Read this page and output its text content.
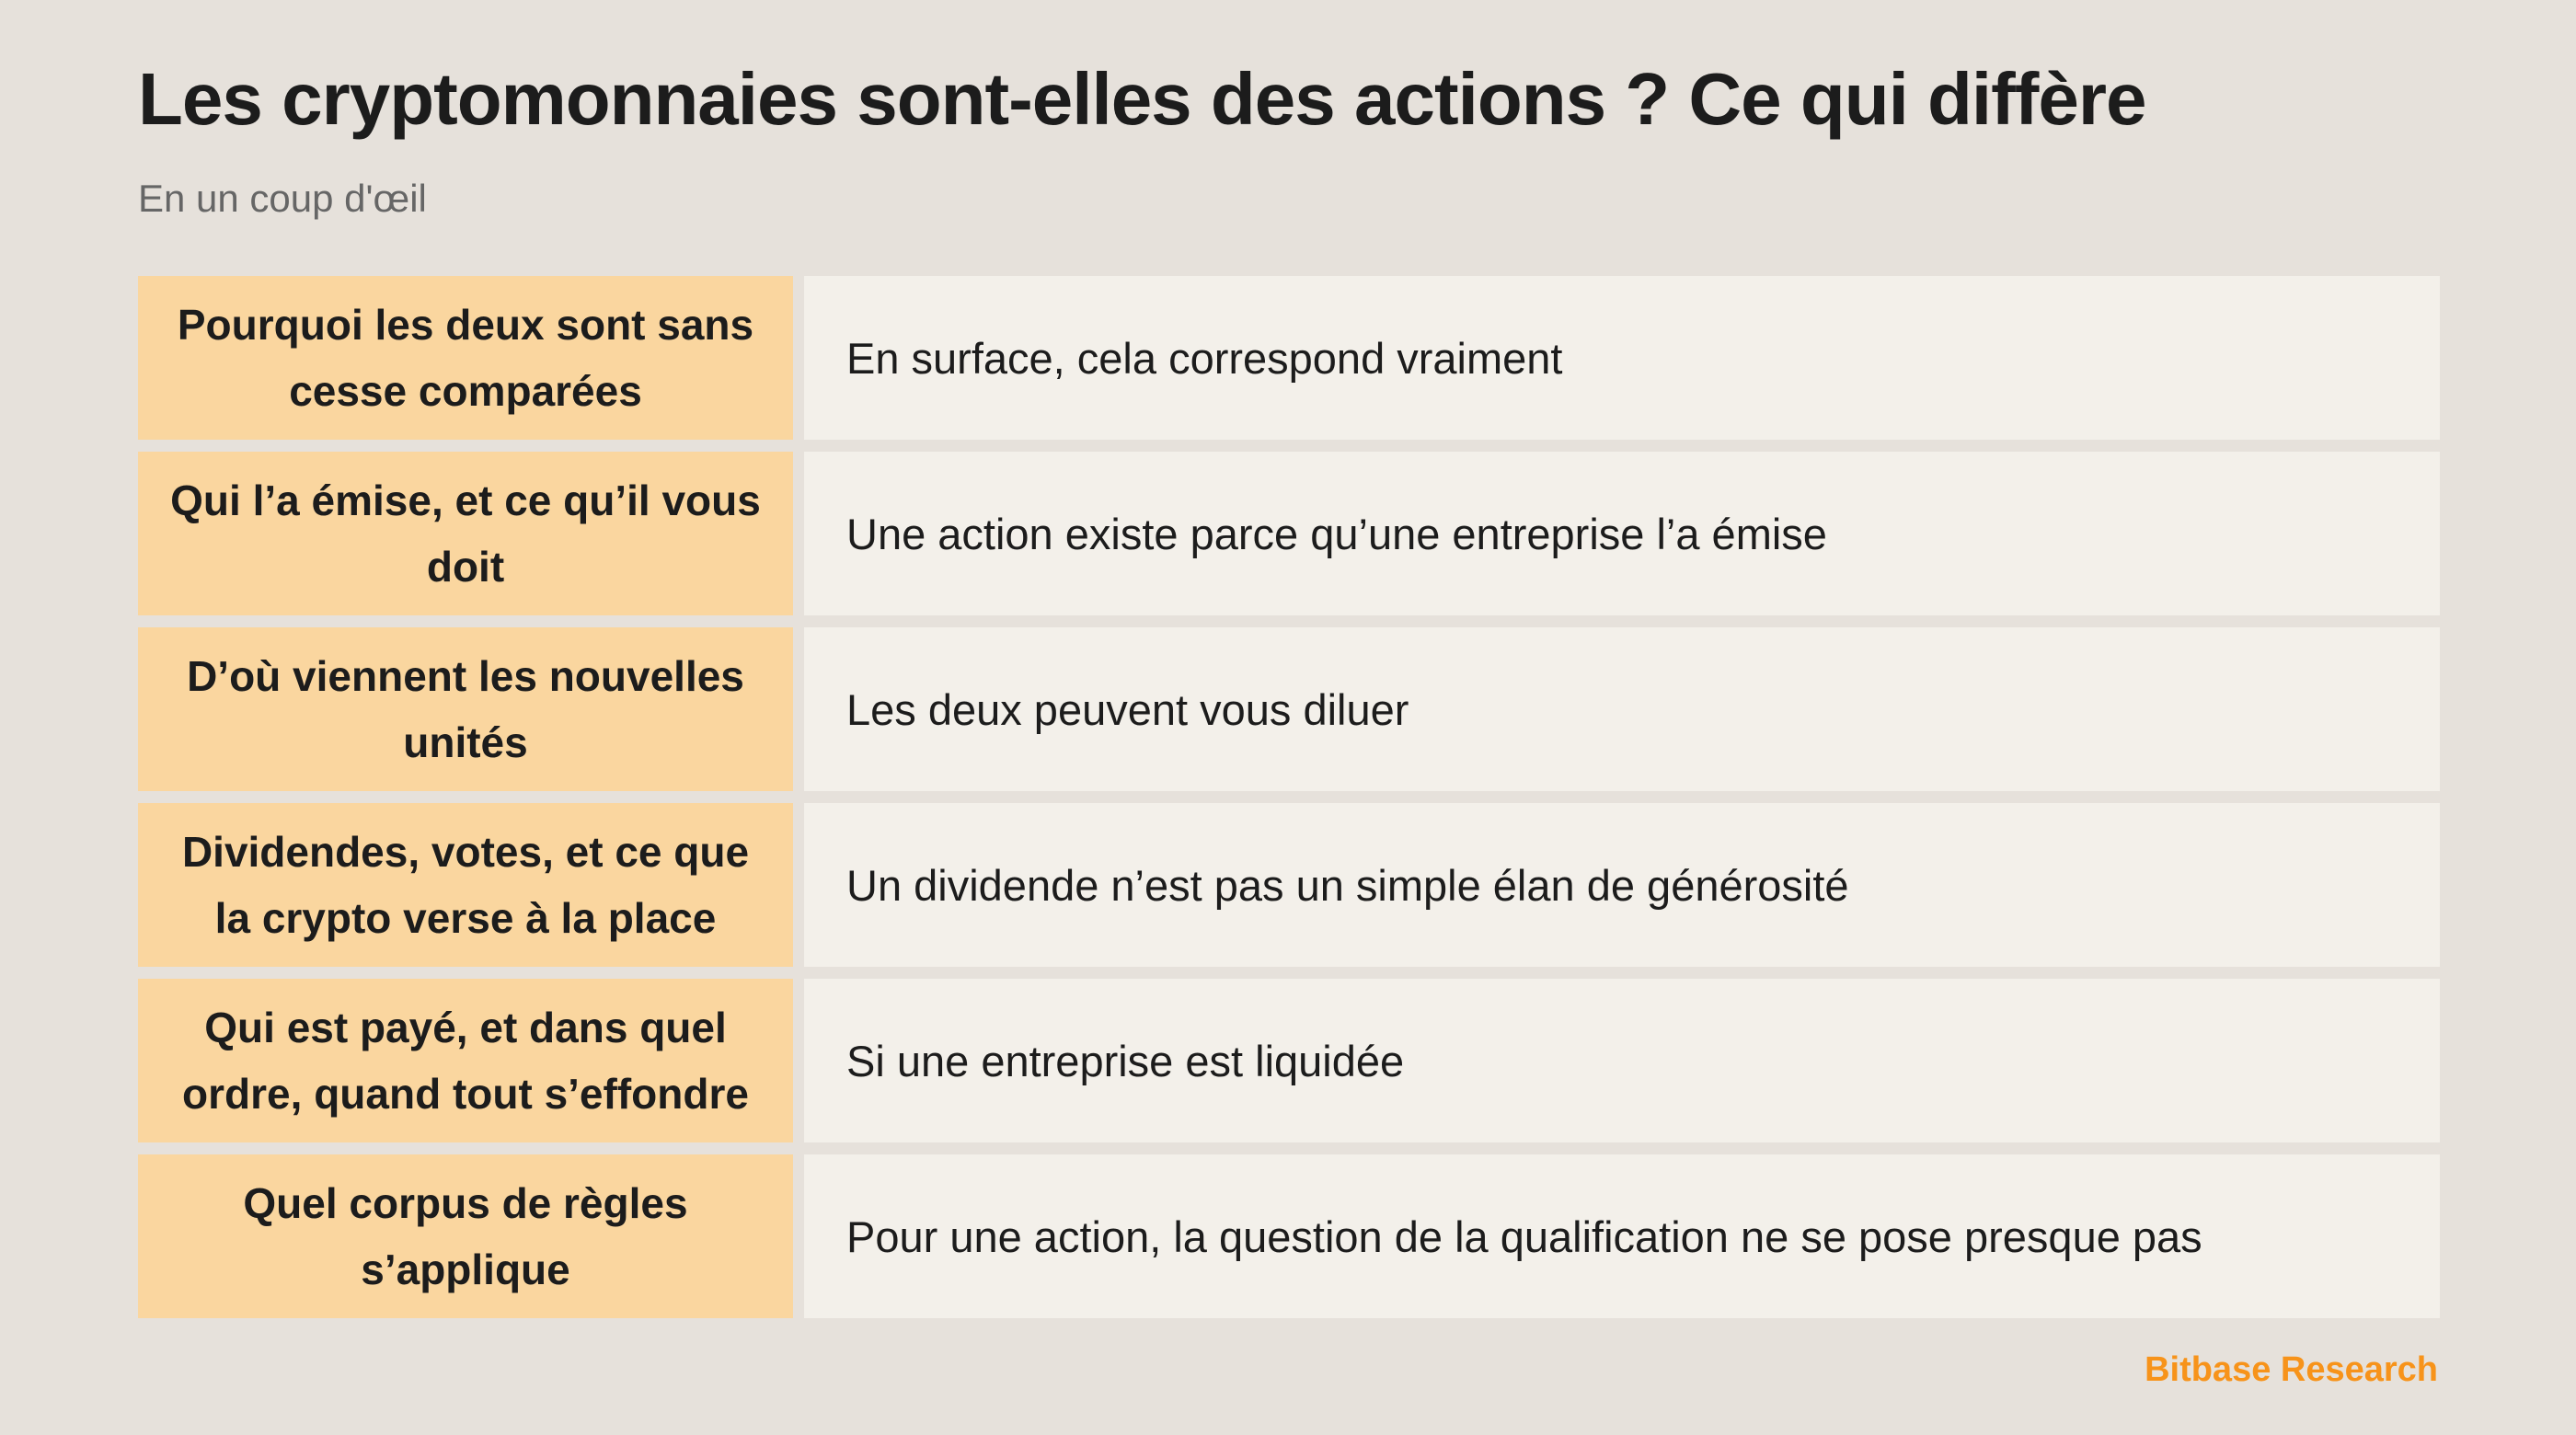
Les cryptomonnaies sont-elles des actions ? Ce qui diffère
En un coup d'œil
Pourquoi les deux sont sans cesse comparées
En surface, cela correspond vraiment
Qui l’a émise, et ce qu’il vous doit
Une action existe parce qu’une entreprise l’a émise
D’où viennent les nouvelles unités
Les deux peuvent vous diluer
Dividendes, votes, et ce que la crypto verse à la place
Un dividende n’est pas un simple élan de générosité
Qui est payé, et dans quel ordre, quand tout s’effondre
Si une entreprise est liquidée
Quel corpus de règles s’applique
Pour une action, la question de la qualification ne se pose presque pas
Bitbase Research
